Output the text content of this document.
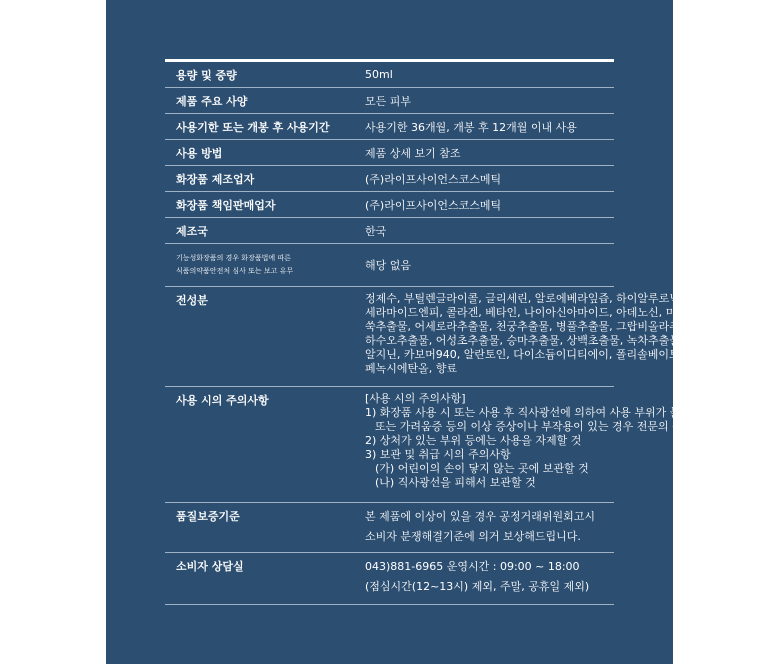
용량 및 중량	50ml
제품 주요 사양	모든 피부
사용기한 또는 개봉 후 사용기간	사용기한 36개월, 개봉 후 12개월 이내 사용
사용 방법	제품 상세 보기 참조
화장품 제조업자	(주)라이프사이언스코스메틱
화장품 책임판매업자	(주)라이프사이언스코스메틱
제조국	한국
기능성화장품의 경우 화장품법에 따른
식품의약품안전처 심사 또는 보고 유무	해당 없음
전성분	정제수, 부틸렌글라이콜, 글리세린, 알로에베라잎즙, 하이알루로닉애씨드,
세라마이드엔피, 콜라겐, 베타인, 나이아신아마이드, 아데노신, 미치현추출물,
쑥추출물, 어세로라추출물, 천궁추출물, 병풀추출물, 그랍비올라추출물,
하수오추출물, 어성초추출물, 승마추출물, 상백초출물, 녹차추출물,
알지닌, 카보머940, 알란토인, 다이소듐이디티에이, 폴리솔베이트 80,
페녹시에탄올, 향료
사용 시의 주의사항	[사용 시의 주의사항]
1) 화장품 사용 시 또는 사용 후 직사광선에 의하여 사용 부위가 붉은 반점, 부어오름
또는 가려움증 등의 이상 증상이나 부작용이 있는 경우 전문의 등과 상담할 것
2) 상처가 있는 부위 등에는 사용을 자제할 것
3) 보관 및 취급 시의 주의사항
(가) 어린이의 손이 닿지 않는 곳에 보관할 것
(나) 직사광선을 피해서 보관할 것
품질보증기준	본 제품에 이상이 있을 경우 공정거래위원회고시
소비자 분쟁해결기준에 의거 보상해드립니다.
소비자 상담실	043)881-6965 운영시간 : 09:00 ~ 18:00
(점심시간(12~13시) 제외, 주말, 공휴일 제외)
